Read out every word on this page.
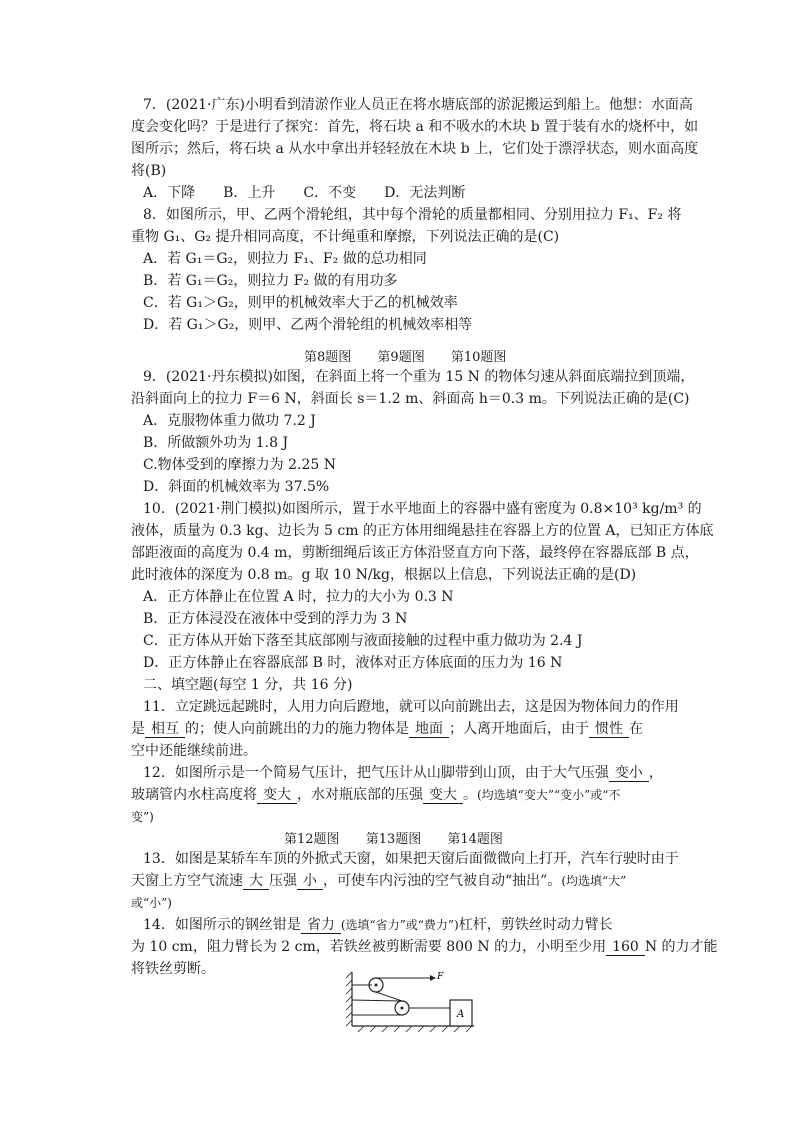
7．(2021·广东)小明看到清淤作业人员正在将水塘底部的淤泥搬运到船上。他想：水面高
度会变化吗？于是进行了探究：首先，将石块 a 和不吸水的木块 b 置于装有水的烧杯中，如
图所示；然后，将石块 a 从水中拿出并轻轻放在木块 b 上，它们处于漂浮状态，则水面高度
将(B)
A．下降　　B．上升　　C．不变　　D．无法判断
8．如图所示，甲、乙两个滑轮组，其中每个滑轮的质量都相同、分别用拉力 F₁、F₂ 将
重物 G₁、G₂ 提升相同高度，不计绳重和摩擦，下列说法正确的是(C)
A．若 G₁＝G₂，则拉力 F₁、F₂ 做的总功相同
B．若 G₁＝G₂，则拉力 F₂ 做的有用功多
C．若 G₁＞G₂，则甲的机械效率大于乙的机械效率
D．若 G₁＞G₂，则甲、乙两个滑轮组的机械效率相等
第8题图 第9题图 第10题图
9．(2021·丹东模拟)如图，在斜面上将一个重为 15 N 的物体匀速从斜面底端拉到顶端，
沿斜面向上的拉力 F＝6 N，斜面长 s＝1.2 m、斜面高 h＝0.3 m。下列说法正确的是(C)
A．克服物体重力做功 7.2 J
B．所做额外功为 1.8 J
C.物体受到的摩擦力为 2.25 N
D．斜面的机械效率为 37.5%
10．(2021·荆门模拟)如图所示，置于水平地面上的容器中盛有密度为 0.8×10³ kg/m³ 的
液体，质量为 0.3 kg、边长为 5 cm 的正方体用细绳悬挂在容器上方的位置 A，已知正方体底
部距液面的高度为 0.4 m，剪断细绳后该正方体沿竖直方向下落，最终停在容器底部 B 点，
此时液体的深度为 0.8 m。g 取 10 N/kg，根据以上信息，下列说法正确的是(D)
A．正方体静止在位置 A 时，拉力的大小为 0.3 N
B．正方体浸没在液体中受到的浮力为 3 N
C．正方体从开始下落至其底部刚与液面接触的过程中重力做功为 2.4 J
D．正方体静止在容器底部 B 时，液体对正方体底面的压力为 16 N
二、填空题(每空 1 分，共 16 分)
11．立定跳远起跳时，人用力向后蹬地，就可以向前跳出去，这是因为物体间力的作用
是 相互 的；使人向前跳出的力的施力物体是 地面 ；人离开地面后，由于 惯性 在
空中还能继续前进。
12．如图所示是一个简易气压计，把气压计从山脚带到山顶，由于大气压强 变小 ，
玻璃管内水柱高度将 变大 ，水对瓶底部的压强 变大 。(均选填“变大”“变小”或“不
变”)
第12题图 第13题图 第14题图
13．如图是某轿车车顶的外掀式天窗，如果把天窗后面微微向上打开，汽车行驶时由于
天窗上方空气流速 大 压强 小 ，可使车内污浊的空气被自动“抽出”。(均选填“大”
或“小”)
14．如图所示的钢丝钳是 省力 (选填“省力”或“费力”)杠杆，剪铁丝时动力臂长
为 10 cm，阻力臂长为 2 cm，若铁丝被剪断需要 800 N 的力，小明至少用 160 N 的力才能
将铁丝剪断。	F
A
